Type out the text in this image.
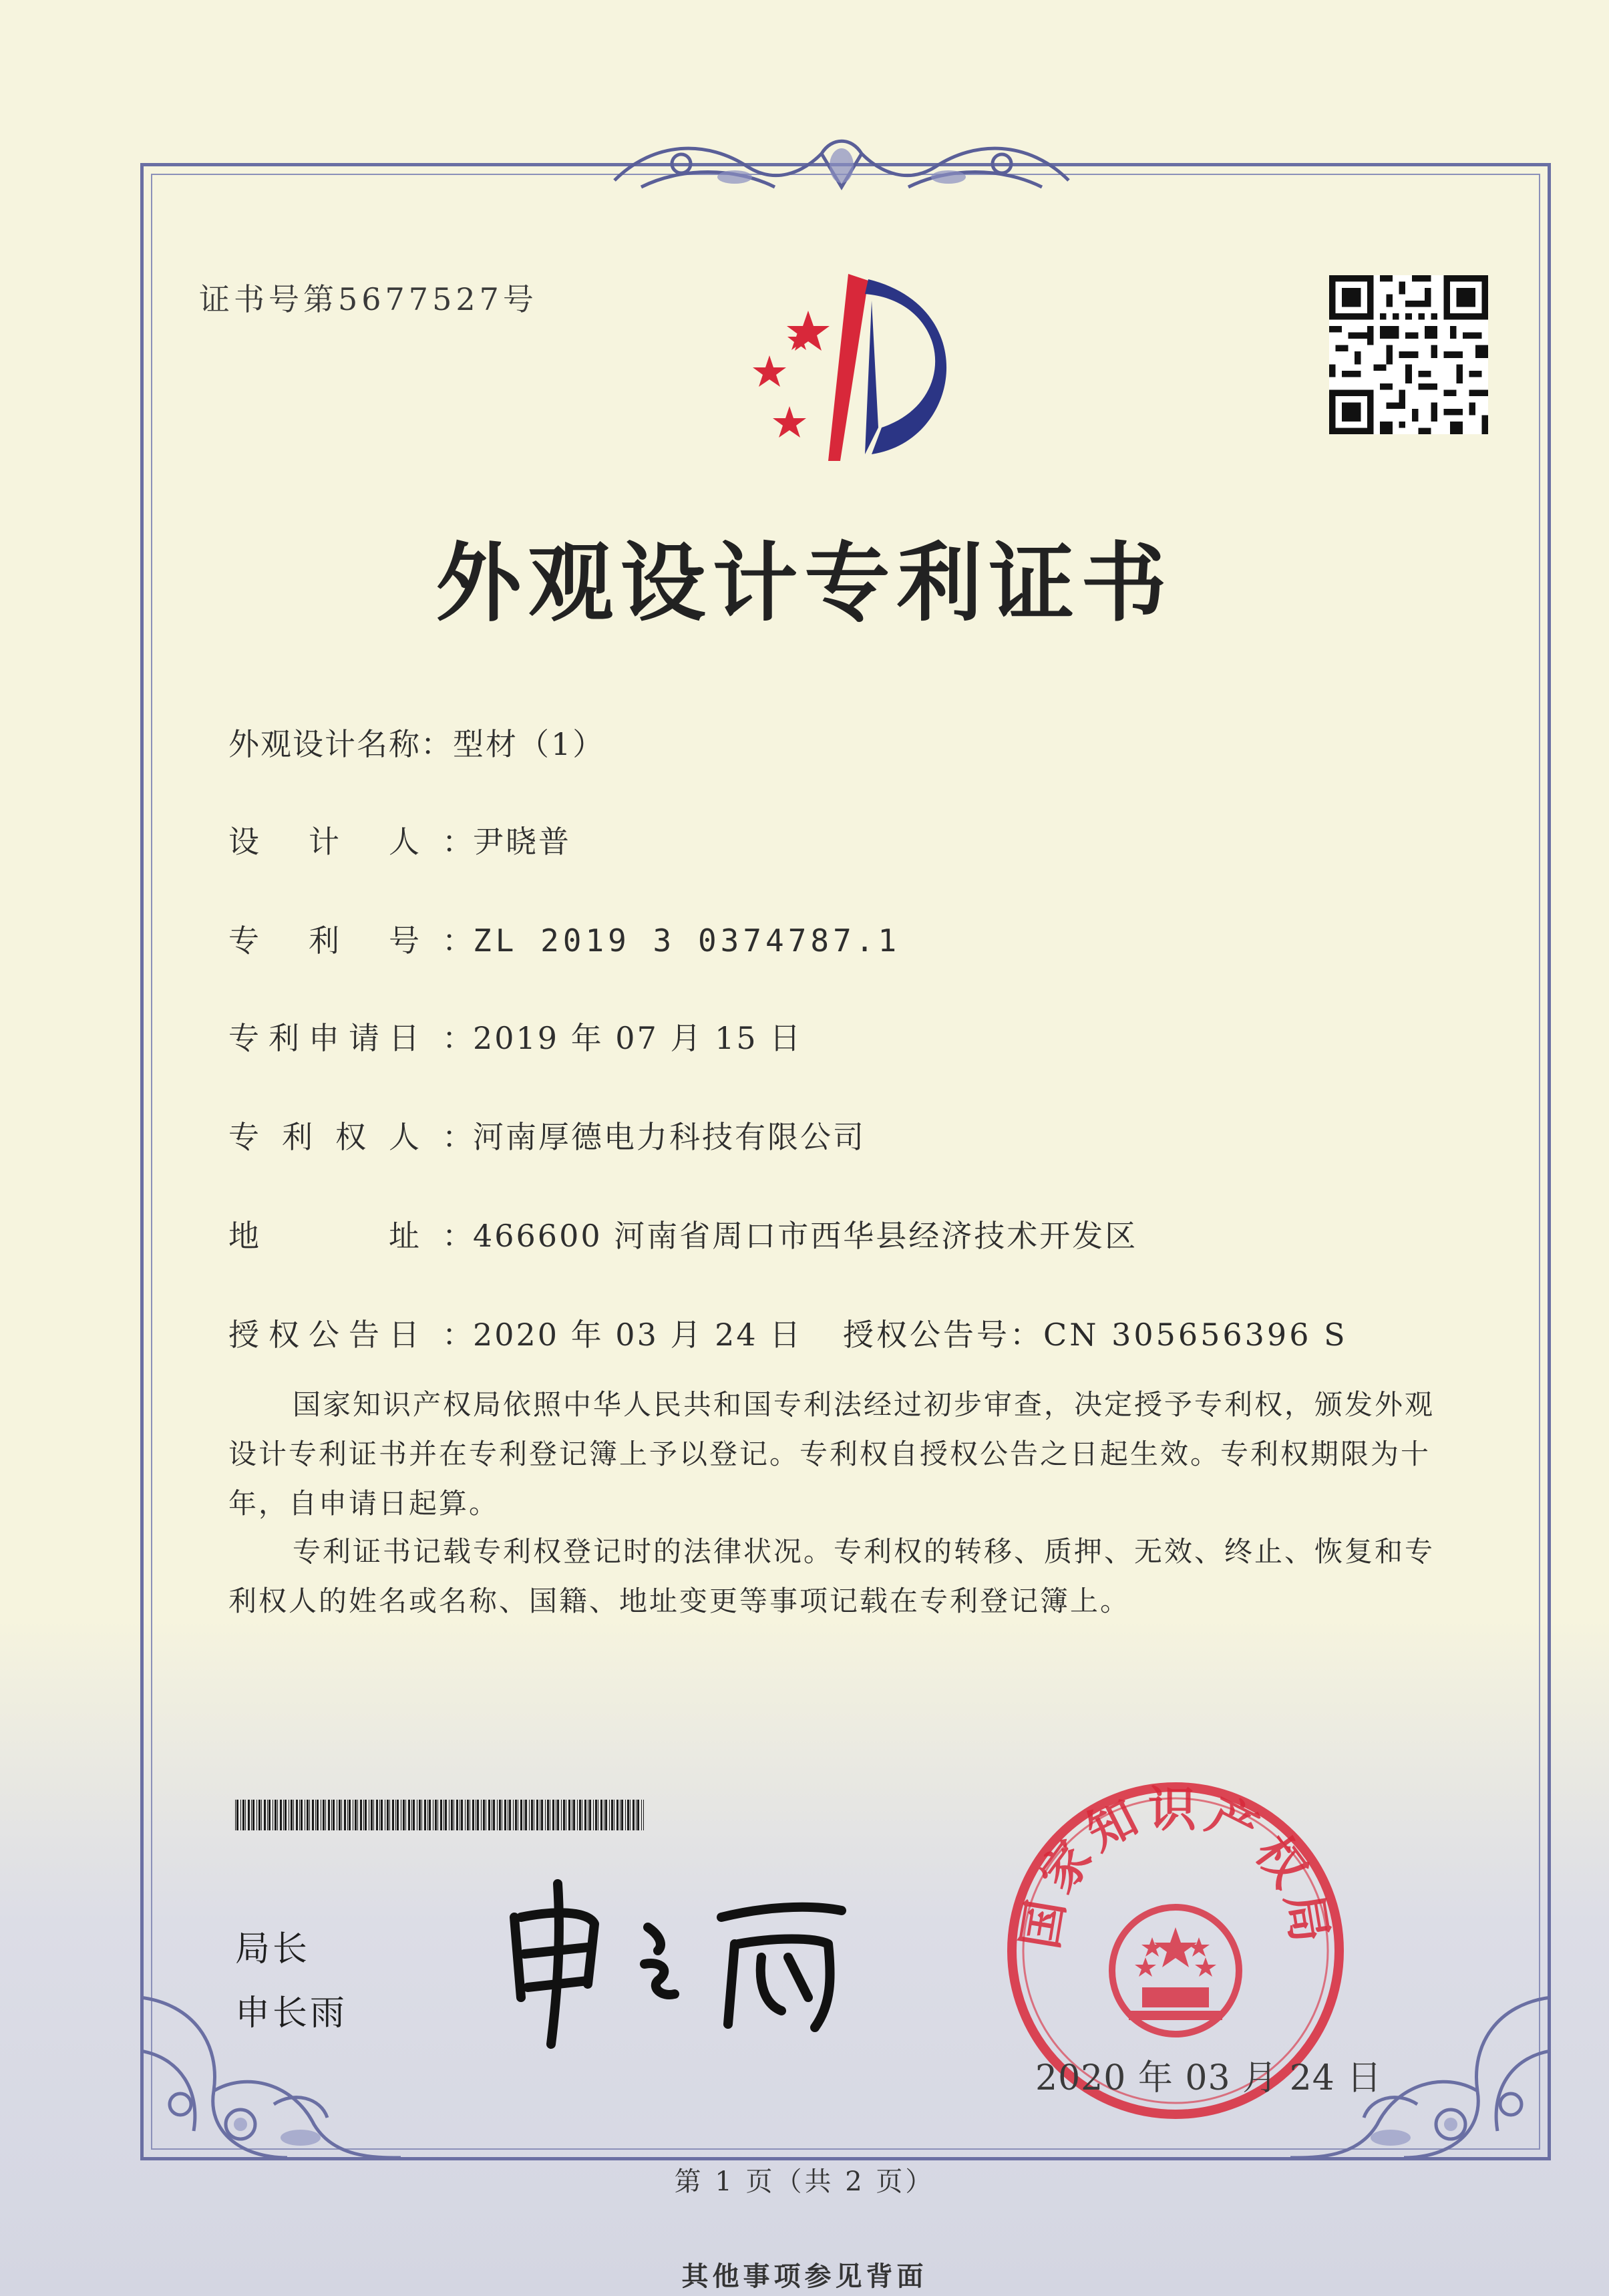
证书号第5677527号
外观设计专利证书
外观设计名称：型材（1）
设计人 ：尹晓普
专利号 ：ZL 2019 3 0374787.1
专利申请日 ：2019 年 07 月 15 日
专利权人 ：河南厚德电力科技有限公司
地址 ：466600 河南省周口市西华县经济技术开发区
授权公告日 ：2020 年 03 月 24 日 授权公告号：CN 305656396 S
国家知识产权局依照中华人民共和国专利法经过初步审查，决定授予专利权，颁发外观设计专利证书并在专利登记簿上予以登记。专利权自授权公告之日起生效。专利权期限为十年，自申请日起算。
专利证书记载专利权登记时的法律状况。专利权的转移、质押、无效、终止、恢复和专利权人的姓名或名称、国籍、地址变更等事项记载在专利登记簿上。
局长
申长雨
申长雨
国家知识产权局
2020 年 03 月 24 日
第 1 页（共 2 页）
其他事项参见背面
